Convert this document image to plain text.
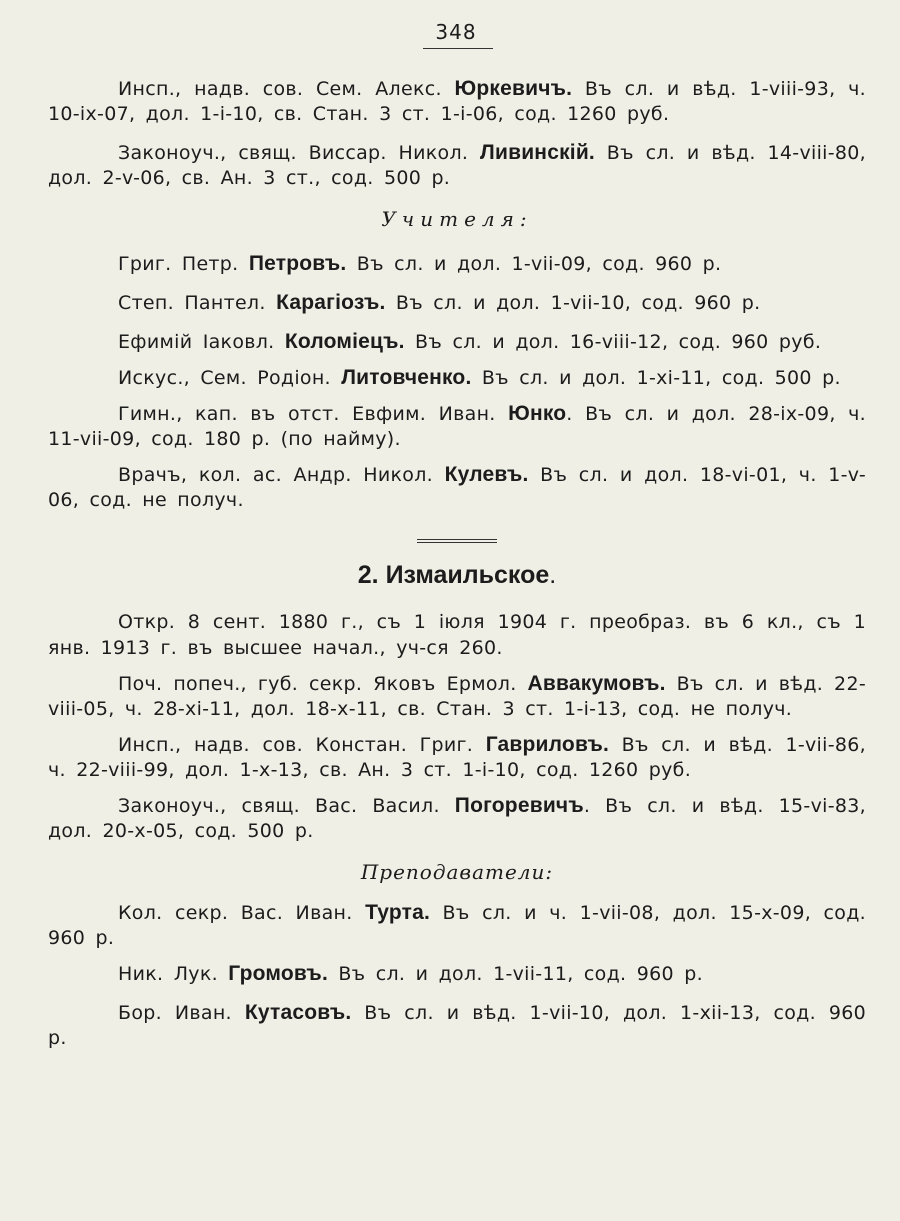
348

Инсп., надв. сов. Сем. Алекс. Юркевичъ. Въ сл. и вѣд. 1-viii-93, ч. 10-ix-07, дол. 1-i-10, св. Стан. 3 ст. 1-i-06, сод. 1260 руб.

Законоуч., свящ. Виссар. Никол. Ливинскій. Въ сл. и вѣд. 14-viii-80, дол. 2-v-06, св. Ан. 3 ст., сод. 500 р.

Учителя:

Григ. Петр. Петровъ. Въ сл. и дол. 1-vii-09, сод. 960 р.

Степ. Пантел. Карагіозъ. Въ сл. и дол. 1-vii-10, сод. 960 р.

Ефимій Іаковл. Коломіецъ. Въ сл. и дол. 16-viii-12, сод. 960 руб.

Искус., Сем. Родіон. Литовченко. Въ сл. и дол. 1-xi-11, сод. 500 р.

Гимн., кап. въ отст. Евфим. Иван. Юнко. Въ сл. и дол. 28-ix-09, ч. 11-vii-09, сод. 180 р. (по найму).

Врачъ, кол. ас. Андр. Никол. Кулевъ. Въ сл. и дол. 18-vi-01, ч. 1-v-06, сод. не получ.

2. Измаильское.

Откр. 8 сент. 1880 г., съ 1 іюля 1904 г. преобраз. въ 6 кл., съ 1 янв. 1913 г. въ высшее начал., уч-ся 260.

Поч. попеч., губ. секр. Яковъ Ермол. Аввакумовъ. Въ сл. и вѣд. 22-viii-05, ч. 28-xi-11, дол. 18-x-11, св. Стан. 3 ст. 1-i-13, сод. не получ.

Инсп., надв. сов. Констан. Григ. Гавриловъ. Въ сл. и вѣд. 1-vii-86, ч. 22-viii-99, дол. 1-x-13, св. Ан. 3 ст. 1-i-10, сод. 1260 руб.

Законоуч., свящ. Вас. Васил. Погоревичъ. Въ сл. и вѣд. 15-vi-83, дол. 20-x-05, сод. 500 р.

Преподаватели:

Кол. секр. Вас. Иван. Турта. Въ сл. и ч. 1-vii-08, дол. 15-x-09, сод. 960 р.

Ник. Лук. Громовъ. Въ сл. и дол. 1-vii-11, сод. 960 р.

Бор. Иван. Кутасовъ. Въ сл. и вѣд. 1-vii-10, дол. 1-xii-13, сод. 960 р.
